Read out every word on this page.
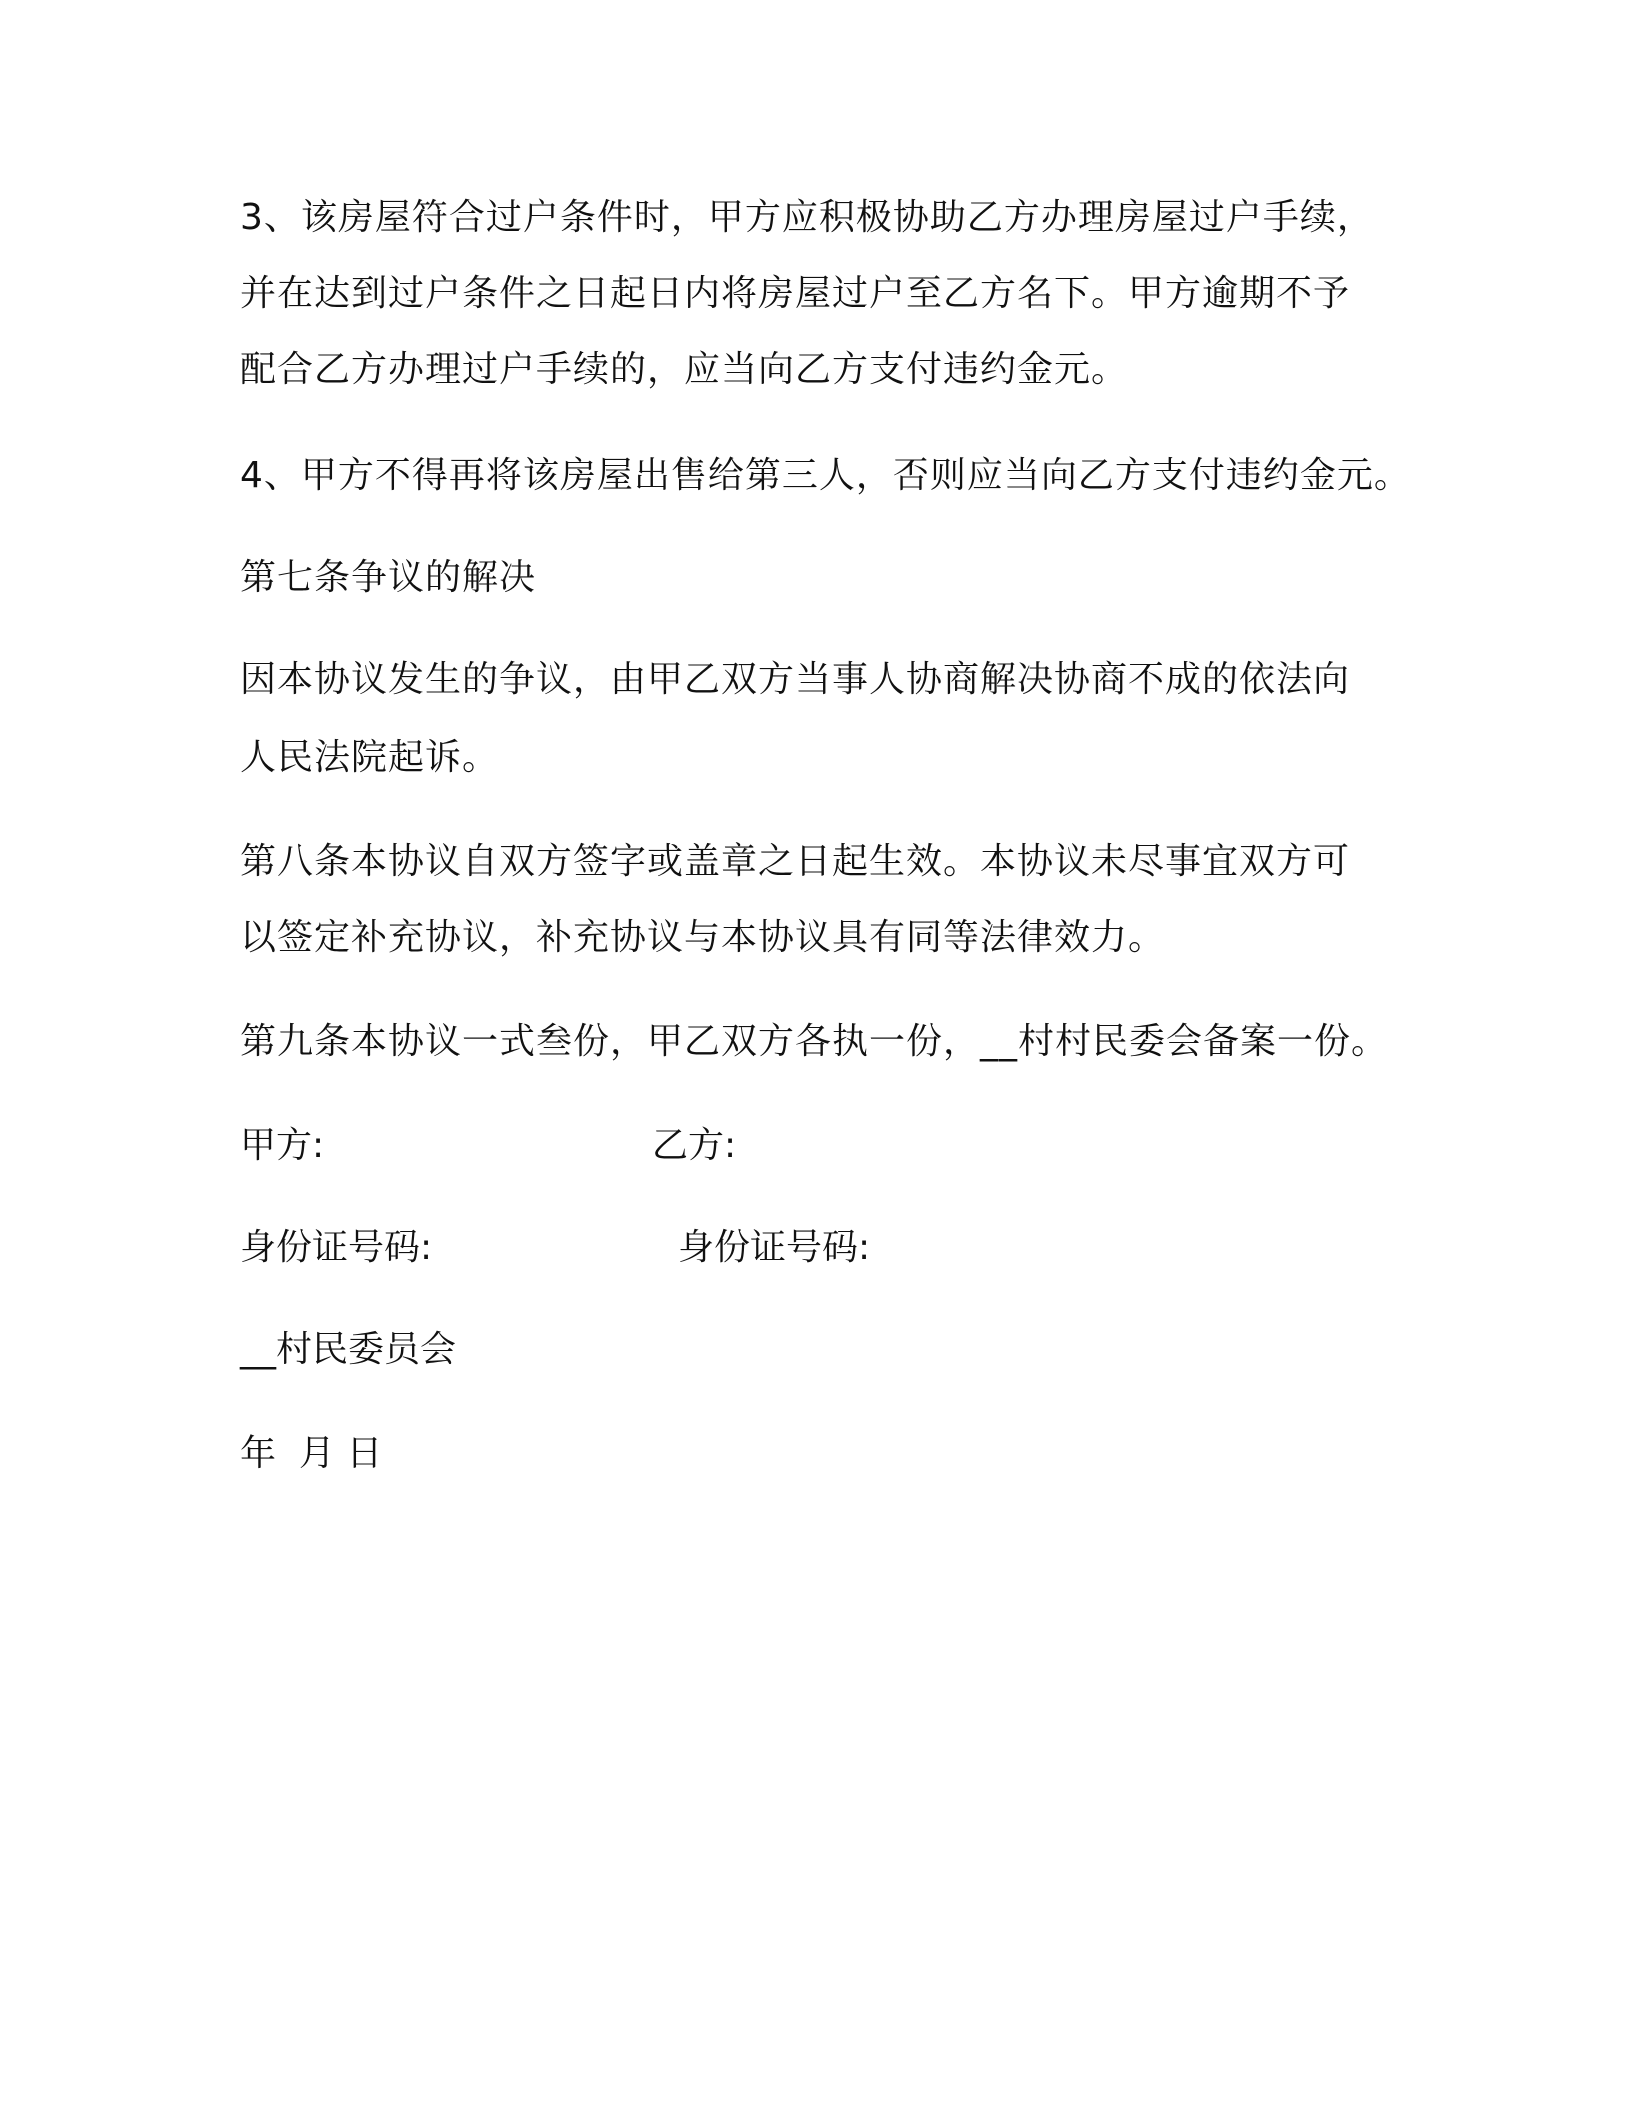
3、该房屋符合过户条件时，甲方应积极协助乙方办理房屋过户手续，
并在达到过户条件之日起日内将房屋过户至乙方名下。甲方逾期不予
配合乙方办理过户手续的，应当向乙方支付违约金元。
4、甲方不得再将该房屋出售给第三人，否则应当向乙方支付违约金元。
第七条争议的解决
因本协议发生的争议，由甲乙双方当事人协商解决协商不成的依法向
人民法院起诉。
第八条本协议自双方签字或盖章之日起生效。本协议未尽事宜双方可
以签定补充协议，补充协议与本协议具有同等法律效力。
第九条本协议一式叁份，甲乙双方各执一份，__村村民委会备案一份。
甲方:	乙方:
身份证号码:	身份证号码:
__村民委员会
年  月 日
